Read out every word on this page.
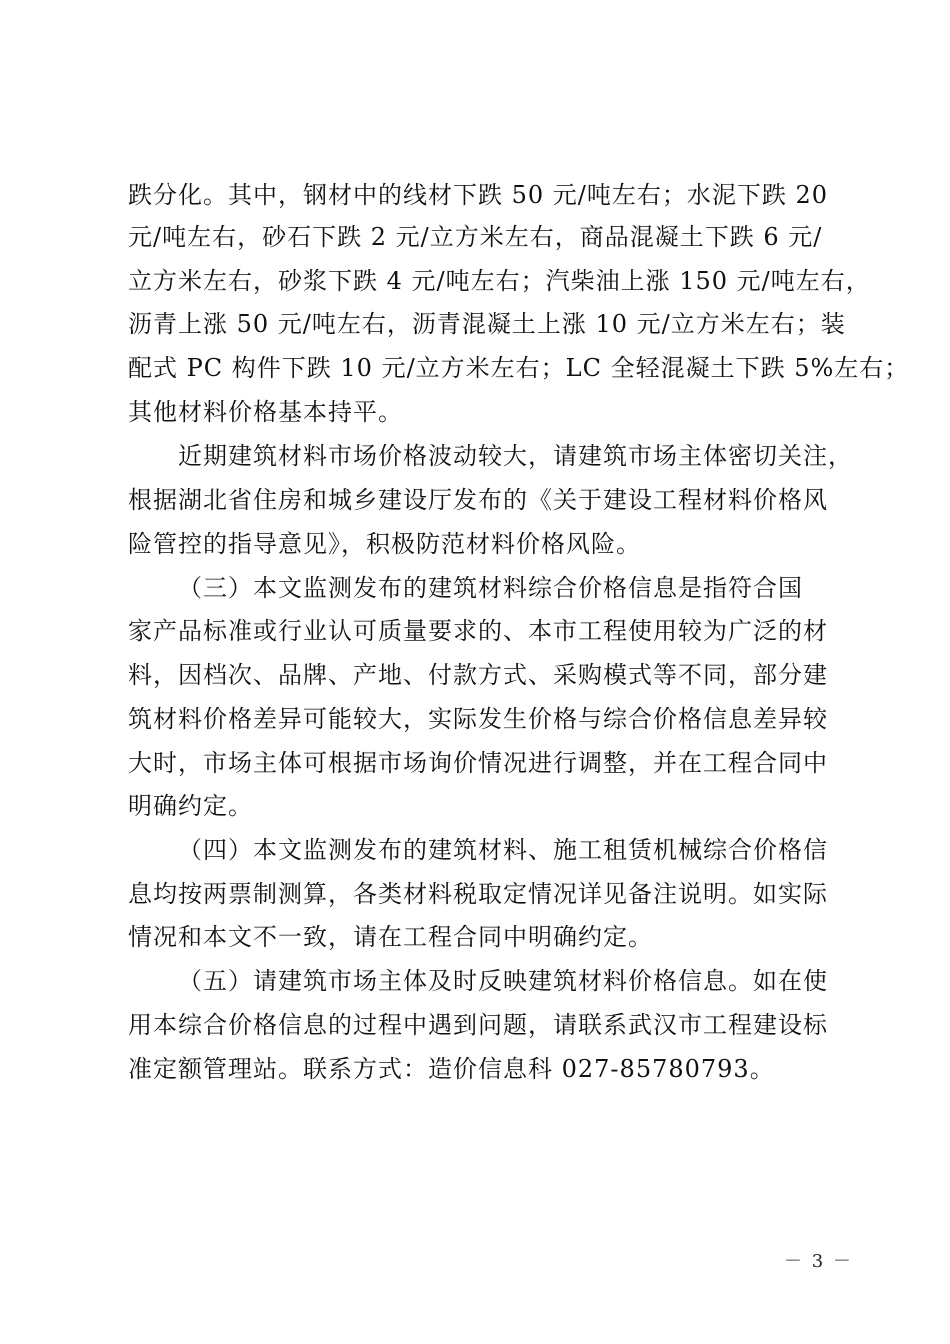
跌分化。其中，钢材中的线材下跌 50 元/吨左右；水泥下跌 20
元/吨左右，砂石下跌 2 元/立方米左右，商品混凝土下跌 6 元/
立方米左右，砂浆下跌 4 元/吨左右；汽柴油上涨 150 元/吨左右，
沥青上涨 50 元/吨左右，沥青混凝土上涨 10 元/立方米左右；装
配式 PC 构件下跌 10 元/立方米左右；LC 全轻混凝土下跌 5%左右；
其他材料价格基本持平。
近期建筑材料市场价格波动较大，请建筑市场主体密切关注，
根据湖北省住房和城乡建设厅发布的《关于建设工程材料价格风
险管控的指导意见》，积极防范材料价格风险。
（三）本文监测发布的建筑材料综合价格信息是指符合国
家产品标准或行业认可质量要求的、本市工程使用较为广泛的材
料，因档次、品牌、产地、付款方式、采购模式等不同，部分建
筑材料价格差异可能较大，实际发生价格与综合价格信息差异较
大时，市场主体可根据市场询价情况进行调整，并在工程合同中
明确约定。
（四）本文监测发布的建筑材料、施工租赁机械综合价格信
息均按两票制测算，各类材料税取定情况详见备注说明。如实际
情况和本文不一致，请在工程合同中明确约定。
（五）请建筑市场主体及时反映建筑材料价格信息。如在使
用本综合价格信息的过程中遇到问题，请联系武汉市工程建设标
准定额管理站。联系方式：造价信息科 027-85780793。
－ 3 －
